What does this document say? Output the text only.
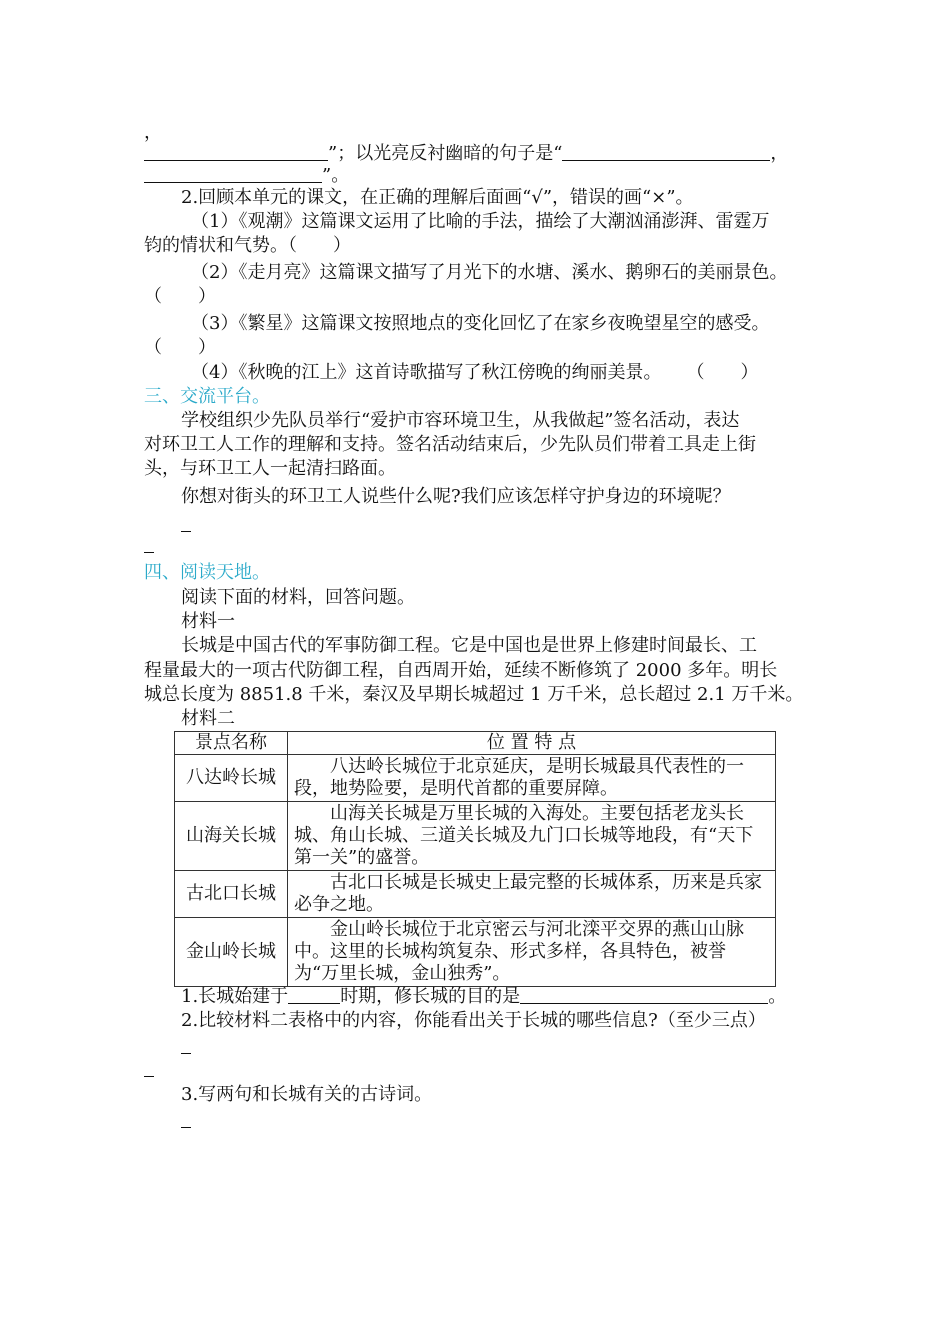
，
”；以光亮反衬幽暗的句子是“	，
”。
2.回顾本单元的课文，在正确的理解后面画“√”，错误的画“×”。
（1）《观潮》这篇课文运用了比喻的手法，描绘了大潮汹涌澎湃、雷霆万
钧的情状和气势。（　　）
（2）《走月亮》这篇课文描写了月光下的水塘、溪水、鹅卵石的美丽景色。
（　　）
（3）《繁星》这篇课文按照地点的变化回忆了在家乡夜晚望星空的感受。
（　　）
（4）《秋晚的江上》这首诗歌描写了秋江傍晚的绚丽美景。 （　　）
三、交流平台。
学校组织少先队员举行“爱护市容环境卫生，从我做起”签名活动，表达
对环卫工人工作的理解和支持。签名活动结束后，少先队员们带着工具走上街
头，与环卫工人一起清扫路面。
你想对街头的环卫工人说些什么呢?我们应该怎样守护身边的环境呢？
四、阅读天地。
阅读下面的材料，回答问题。
材料一
长城是中国古代的军事防御工程。它是中国也是世界上修建时间最长、工
程量最大的一项古代防御工程，自西周开始，延续不断修筑了 2000 多年。明长
城总长度为 8851.8 千米，秦汉及早期长城超过 1 万千米，总长超过 2.1 万千米。
材料二
景点名称	位 置 特 点
八达岭长城	八达岭长城位于北京延庆，是明长城最具代表性的一段，地势险要，是明代首都的重要屏障。
山海关长城	山海关长城是万里长城的入海处。主要包括老龙头长城、角山长城、三道关长城及九门口长城等地段，有“天下第一关”的盛誉。
古北口长城	古北口长城是长城史上最完整的长城体系，历来是兵家必争之地。
金山岭长城	金山岭长城位于北京密云与河北滦平交界的燕山山脉中。这里的长城构筑复杂、形式多样，各具特色，被誉为“万里长城，金山独秀”。
1.长城始建于	时期，修长城的目的是	。
2.比较材料二表格中的内容，你能看出关于长城的哪些信息?（至少三点）
3.写两句和长城有关的古诗词。
